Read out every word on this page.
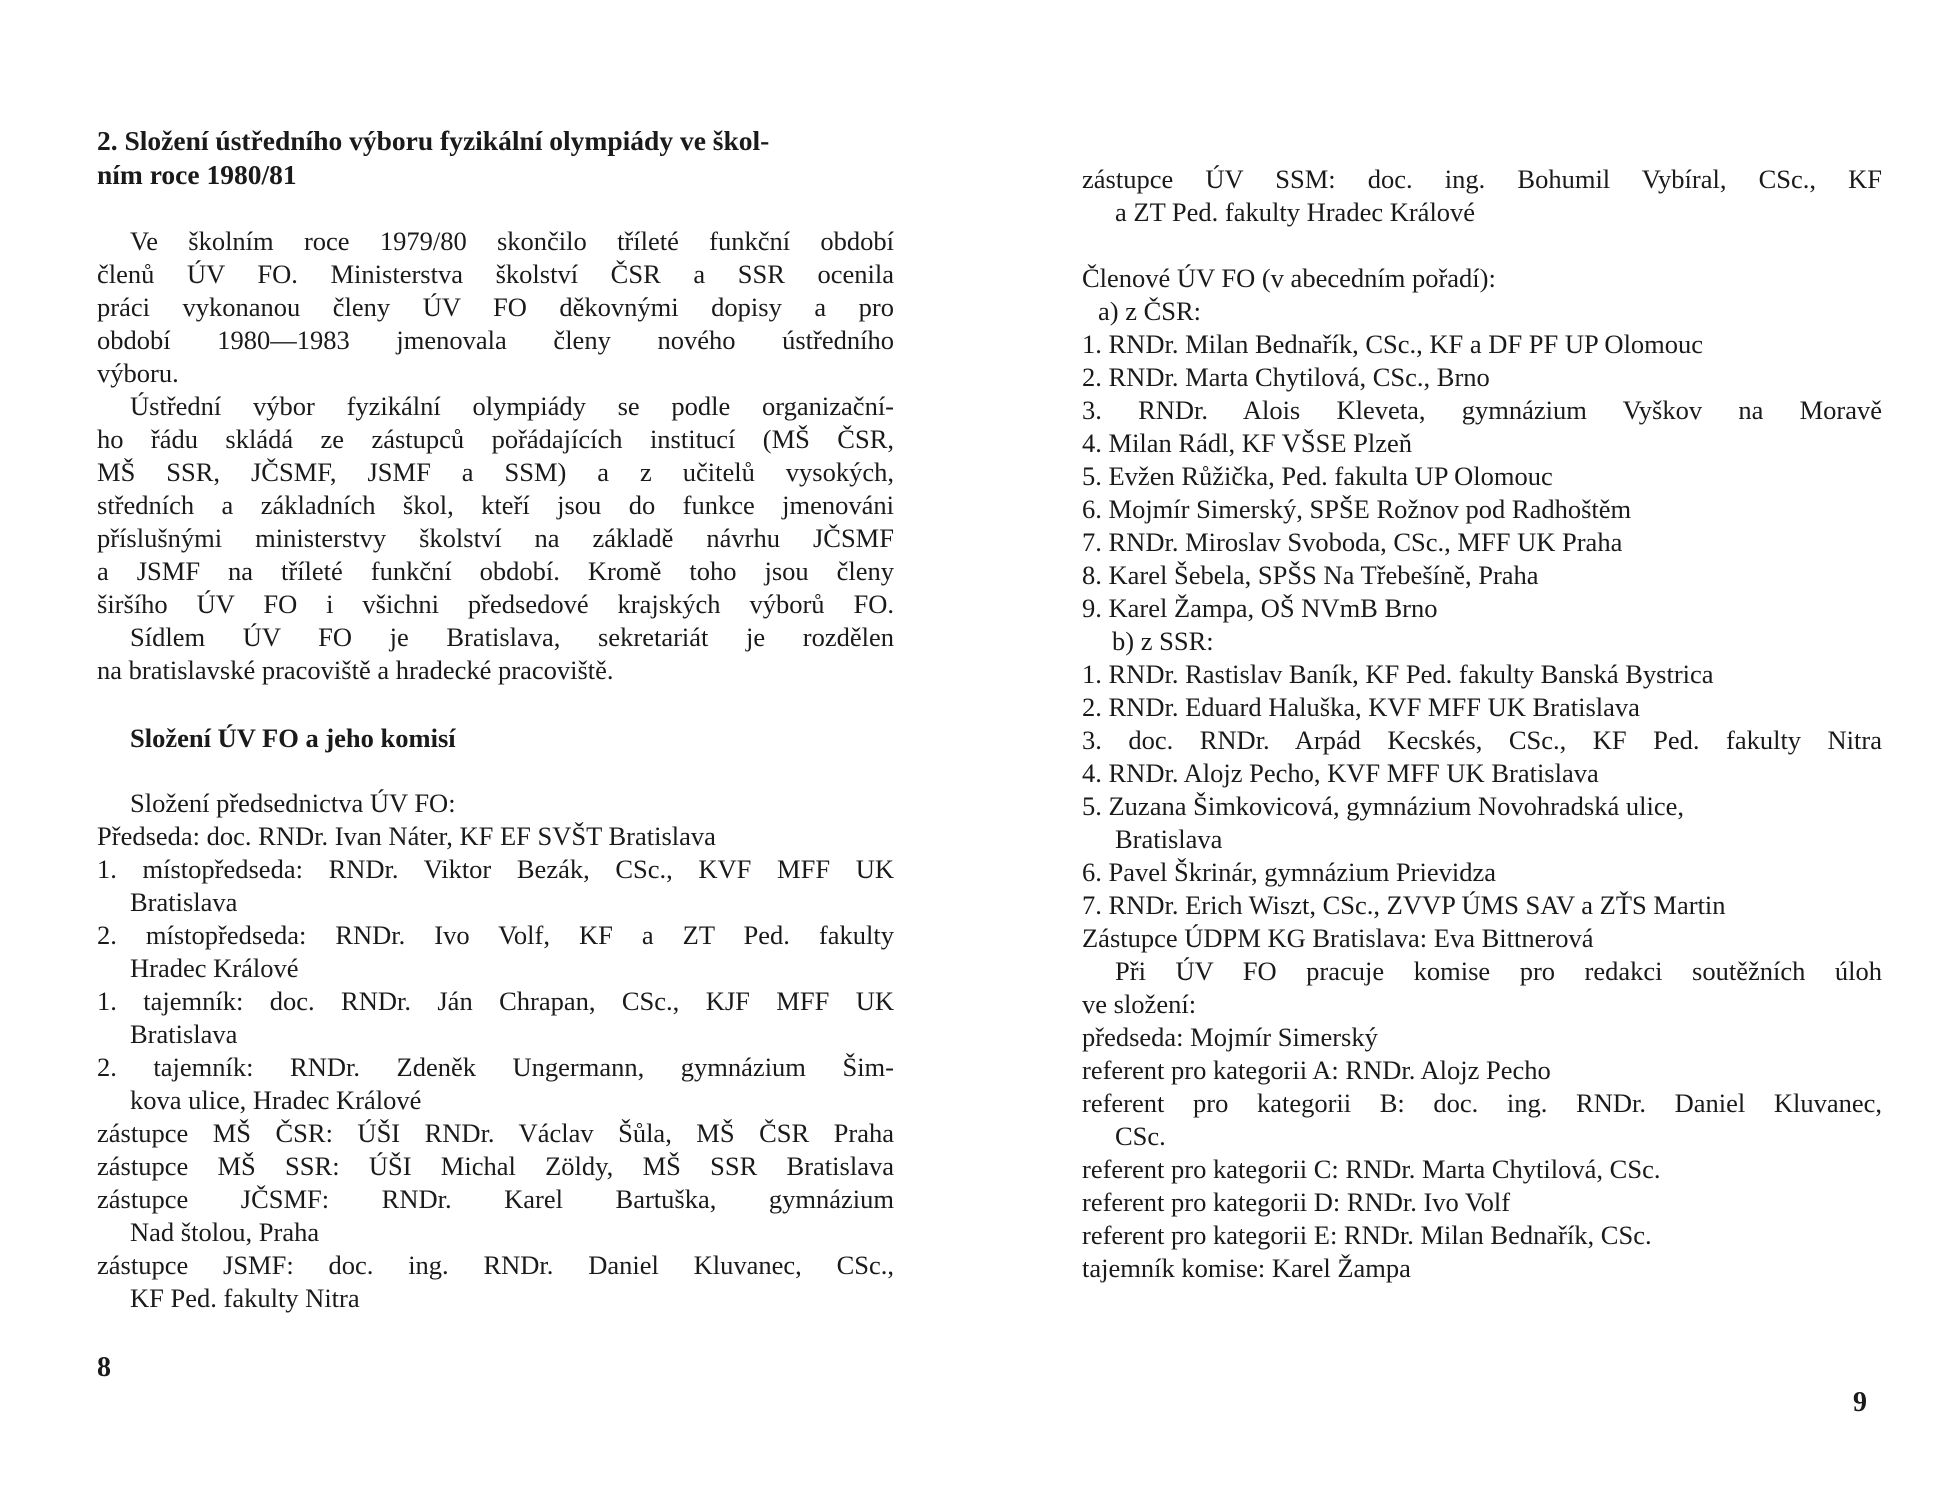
2. Složení ústředního výboru fyzikální olympiády ve škol-
ním roce 1980/81
Ve školním roce 1979/80 skončilo tříleté funkční období
členů ÚV FO. Ministerstva školství ČSR a SSR ocenila
práci vykonanou členy ÚV FO děkovnými dopisy a pro
období 1980—1983 jmenovala členy nového ústředního
výboru.
Ústřední výbor fyzikální olympiády se podle organizační-
ho řádu skládá ze zástupců pořádajících institucí (MŠ ČSR,
MŠ SSR, JČSMF, JSMF a SSM) a z učitelů vysokých,
středních a základních škol, kteří jsou do funkce jmenováni
příslušnými ministerstvy školství na základě návrhu JČSMF
a JSMF na tříleté funkční období. Kromě toho jsou členy
širšího ÚV FO i všichni předsedové krajských výborů FO.
Sídlem ÚV FO je Bratislava, sekretariát je rozdělen
na bratislavské pracoviště a hradecké pracoviště.
Složení ÚV FO a jeho komisí
Složení předsednictva ÚV FO:
Předseda: doc. RNDr. Ivan Náter, KF EF SVŠT Bratislava
1. místopředseda: RNDr. Viktor Bezák, CSc., KVF MFF UK
Bratislava
2. místopředseda: RNDr. Ivo Volf, KF a ZT Ped. fakulty
Hradec Králové
1. tajemník: doc. RNDr. Ján Chrapan, CSc., KJF MFF UK
Bratislava
2. tajemník: RNDr. Zdeněk Ungermann, gymnázium Šim-
kova ulice, Hradec Králové
zástupce MŠ ČSR: ÚŠI RNDr. Václav Šůla, MŠ ČSR Praha
zástupce MŠ SSR: ÚŠI Michal Zöldy, MŠ SSR Bratislava
zástupce JČSMF: RNDr. Karel Bartuška, gymnázium
Nad štolou, Praha
zástupce JSMF: doc. ing. RNDr. Daniel Kluvanec, CSc.,
KF Ped. fakulty Nitra
8
zástupce ÚV SSM: doc. ing. Bohumil Vybíral, CSc., KF
a ZT Ped. fakulty Hradec Králové
Členové ÚV FO (v abecedním pořadí):
a) z ČSR:
1. RNDr. Milan Bednařík, CSc., KF a DF PF UP Olomouc
2. RNDr. Marta Chytilová, CSc., Brno
3. RNDr. Alois Kleveta, gymnázium Vyškov na Moravě
4. Milan Rádl, KF VŠSE Plzeň
5. Evžen Růžička, Ped. fakulta UP Olomouc
6. Mojmír Simerský, SPŠE Rožnov pod Radhoštěm
7. RNDr. Miroslav Svoboda, CSc., MFF UK Praha
8. Karel Šebela, SPŠS Na Třebešíně, Praha
9. Karel Žampa, OŠ NVmB Brno
b) z SSR:
1. RNDr. Rastislav Baník, KF Ped. fakulty Banská Bystrica
2. RNDr. Eduard Haluška, KVF MFF UK Bratislava
3. doc. RNDr. Arpád Kecskés, CSc., KF Ped. fakulty Nitra
4. RNDr. Alojz Pecho, KVF MFF UK Bratislava
5. Zuzana Šimkovicová, gymnázium Novohradská ulice,
Bratislava
6. Pavel Škrinár, gymnázium Prievidza
7. RNDr. Erich Wiszt, CSc., ZVVP ÚMS SAV a ZŤS Martin
Zástupce ÚDPM KG Bratislava: Eva Bittnerová
Při ÚV FO pracuje komise pro redakci soutěžních úloh
ve složení:
předseda: Mojmír Simerský
referent pro kategorii A: RNDr. Alojz Pecho
referent pro kategorii B: doc. ing. RNDr. Daniel Kluvanec,
CSc.
referent pro kategorii C: RNDr. Marta Chytilová, CSc.
referent pro kategorii D: RNDr. Ivo Volf
referent pro kategorii E: RNDr. Milan Bednařík, CSc.
tajemník komise: Karel Žampa
9
